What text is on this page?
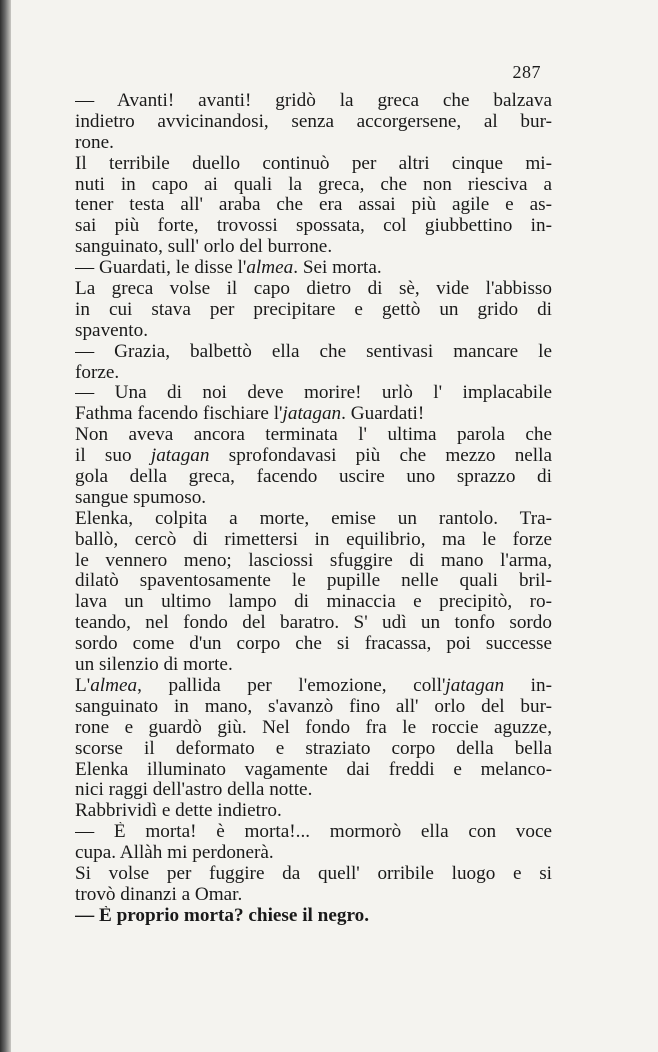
287
— Avanti! avanti! gridò la greca che balzava
indietro avvicinandosi, senza accorgersene, al bur-
rone.
Il terribile duello continuò per altri cinque mi-
nuti in capo ai quali la greca, che non riesciva a
tener testa all' araba che era assai più agile e as-
sai più forte, trovossi spossata, col giubbettino in-
sanguinato, sull' orlo del burrone.
— Guardati, le disse l'almea. Sei morta.
La greca volse il capo dietro di sè, vide l'abbisso
in cui stava per precipitare e gettò un grido di
spavento.
— Grazia, balbettò ella che sentivasi mancare le
forze.
— Una di noi deve morire! urlò l' implacabile
Fathma facendo fischiare l'jatagan. Guardati!
Non aveva ancora terminata l' ultima parola che
il suo jatagan sprofondavasi più che mezzo nella
gola della greca, facendo uscire uno sprazzo di
sangue spumoso.
Elenka, colpita a morte, emise un rantolo. Tra-
ballò, cercò di rimettersi in equilibrio, ma le forze
le vennero meno; lasciossi sfuggire di mano l'arma,
dilatò spaventosamente le pupille nelle quali bril-
lava un ultimo lampo di minaccia e precipitò, ro-
teando, nel fondo del baratro. S' udì un tonfo sordo
sordo come d'un corpo che si fracassa, poi successe
un silenzio di morte.
L'almea, pallida per l'emozione, coll'jatagan in-
sanguinato in mano, s'avanzò fino all' orlo del bur-
rone e guardò giù. Nel fondo fra le roccie aguzze,
scorse il deformato e straziato corpo della bella
Elenka illuminato vagamente dai freddi e melanco-
nici raggi dell'astro della notte.
Rabbrividì e dette indietro.
— È morta! è morta!... mormorò ella con voce
cupa. Allàh mi perdonerà.
Si volse per fuggire da quell' orribile luogo e si
trovò dinanzi a Omar.
— È proprio morta? chiese il negro.
